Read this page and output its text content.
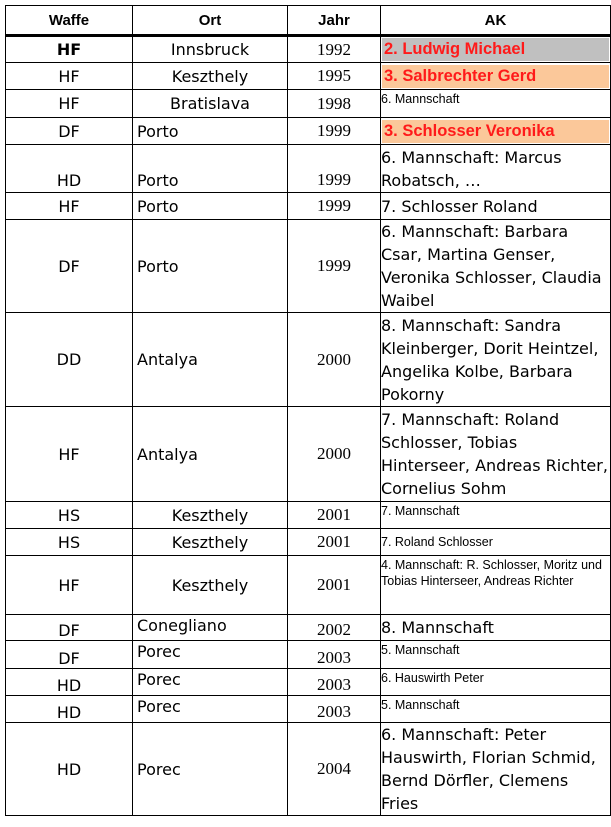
Waffe	Ort	Jahr	AK
HF	Innsbruck	1992	2. Ludwig Michael

HF	Keszthely	1995	3. Salbrechter Gerd

HF	Bratislava	1998	6. Mannschaft
DF	Porto	1999	3. Schlosser Veronika

HD	Porto	1999	6. Mannschaft: Marcus Robatsch, …
HF	Porto	1999	7. Schlosser Roland
DF	Porto	1999	6. Mannschaft: Barbara Csar, Martina Genser, Veronika Schlosser, Claudia Waibel
DD	Antalya	2000	8. Mannschaft: Sandra Kleinberger, Dorit Heintzel, Angelika Kolbe, Barbara Pokorny
HF	Antalya	2000	7. Mannschaft: Roland Schlosser, Tobias Hinterseer, Andreas Richter, Cornelius Sohm
HS	Keszthely	2001	7. Mannschaft
HS	Keszthely	2001	7. Roland Schlosser
HF	Keszthely	2001	4. Mannschaft: R. Schlosser, Moritz und Tobias Hinterseer, Andreas Richter
DF	Conegliano	2002	8. Mannschaft
DF	Porec	2003	5. Mannschaft
HD	Porec	2003	6. Hauswirth Peter
HD	Porec	2003	5. Mannschaft
HD	Porec	2004	6. Mannschaft: Peter Hauswirth, Florian Schmid, Bernd Dörfler, Clemens Fries
